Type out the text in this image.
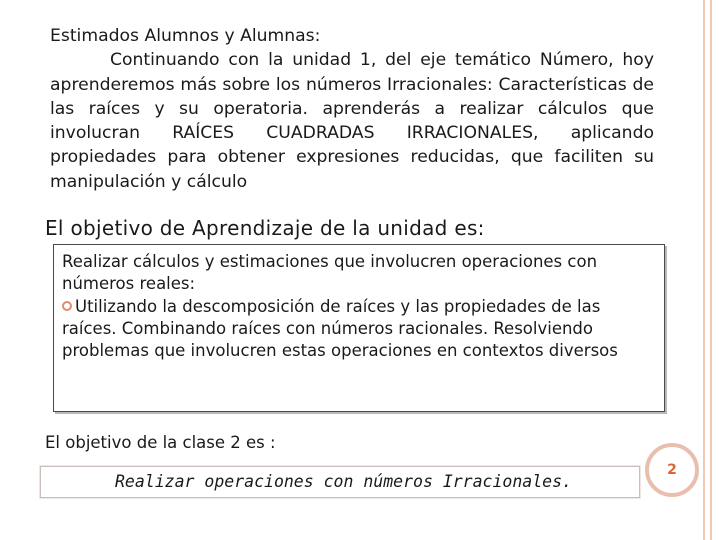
Estimados Alumnos y Alumnas:
Continuando con la unidad 1, del eje temático Número, hoy aprenderemos más sobre los números Irracionales: Características de las raíces y su operatoria. aprenderás a realizar cálculos que involucran RAÍCES CUADRADAS IRRACIONALES, aplicando propiedades para obtener expresiones reducidas, que faciliten su manipulación y cálculo
El objetivo de Aprendizaje de la unidad es:
Realizar cálculos y estimaciones que involucren operaciones con números reales:
Utilizando la descomposición de raíces y las propiedades de las raíces. Combinando raíces con números racionales. Resolviendo problemas que involucren estas operaciones en contextos diversos
El objetivo de la clase 2 es :
Realizar operaciones con números Irracionales.
2
